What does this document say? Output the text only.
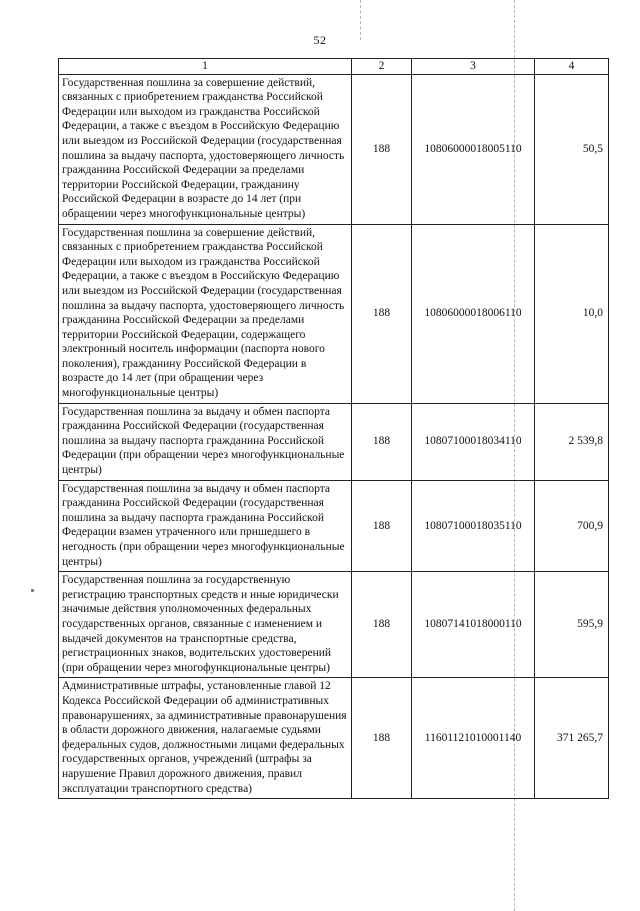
52
1	2	3	4
Государственная пошлина за совершение действий, связанных с приобретением гражданства Российской Федерации или выходом из гражданства Российской Федерации, а также с въездом в Российскую Федерацию или выездом из Российской Федерации (государственная пошлина за выдачу паспорта, удостоверяющего личность гражданина Российской Федерации за пределами территории Российской Федерации, гражданину Российской Федерации в возрасте до 14 лет (при обращении через многофункциональные центры)	188	10806000018005110	50,5
Государственная пошлина за совершение действий, связанных с приобретением гражданства Российской Федерации или выходом из гражданства Российской Федерации, а также с въездом в Российскую Федерацию или выездом из Российской Федерации (государственная пошлина за выдачу паспорта, удостоверяющего личность гражданина Российской Федерации за пределами территории Российской Федерации, содержащего электронный носитель информации (паспорта нового поколения), гражданину Российской Федерации в возрасте до 14 лет (при обращении через многофункциональные центры)	188	10806000018006110	10,0
Государственная пошлина за выдачу и обмен паспорта гражданина Российской Федерации (государственная пошлина за выдачу паспорта гражданина Российской Федерации (при обращении через многофункциональные центры)	188	10807100018034110	2 539,8
Государственная пошлина за выдачу и обмен паспорта гражданина Российской Федерации (государственная пошлина за выдачу паспорта гражданина Российской Федерации взамен утраченного или пришедшего в негодность (при обращении через многофункциональные центры)	188	10807100018035110	700,9
Государственная пошлина за государственную регистрацию транспортных средств и иные юридически значимые действия уполномоченных федеральных государственных органов, связанные с изменением и выдачей документов на транспортные средства, регистрационных знаков, водительских удостоверений (при обращении через многофункциональные центры)	188	10807141018000110	595,9
Административные штрафы, установленные главой 12 Кодекса Российской Федерации об административных правонарушениях, за административные правонарушения в области дорожного движения, налагаемые судьями федеральных судов, должностными лицами федеральных государственных органов, учреждений (штрафы за нарушение Правил дорожного движения, правил эксплуатации транспортного средства)	188	11601121010001140	371 265,7
